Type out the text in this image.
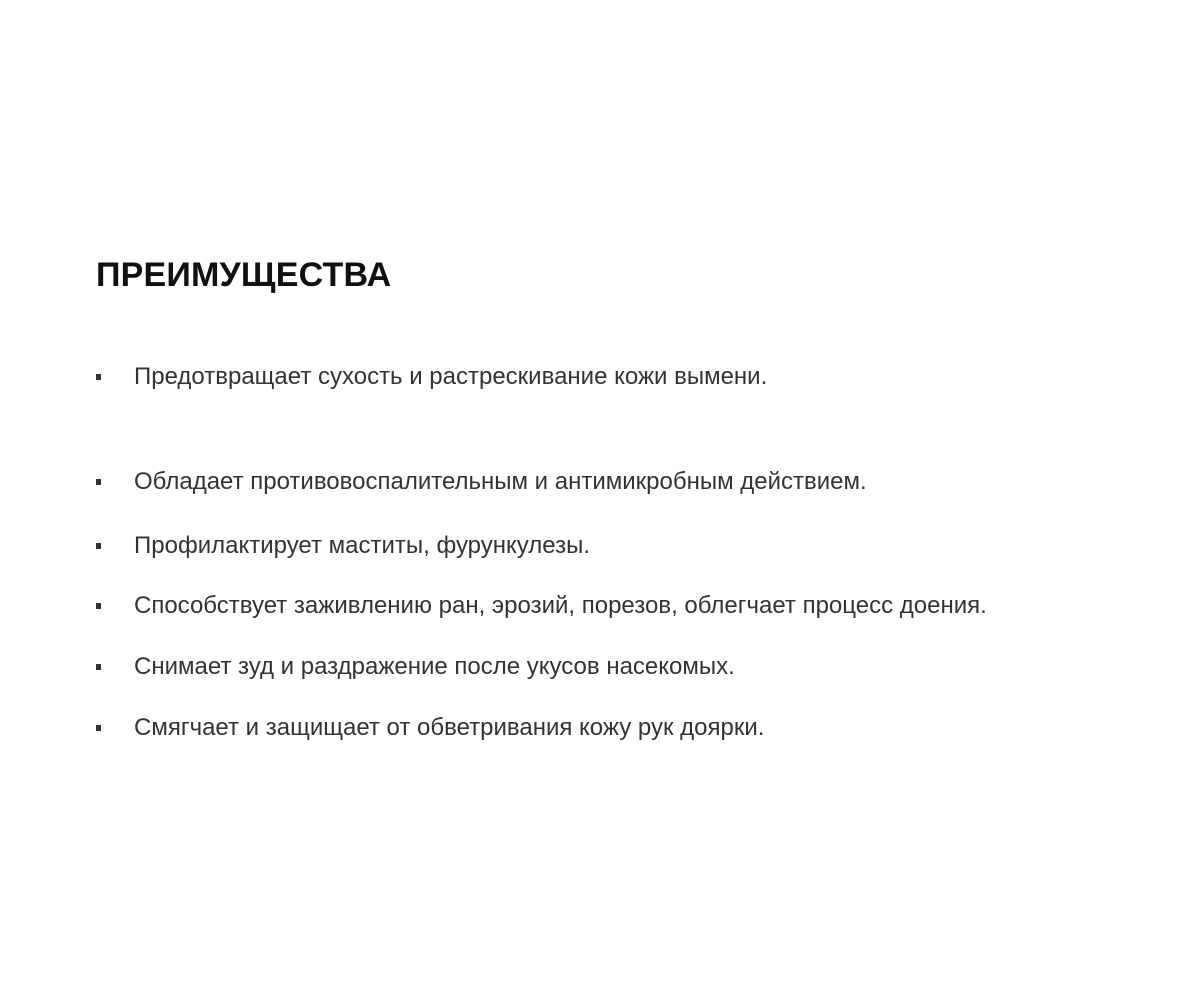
ПРЕИМУЩЕСТВА
Предотвращает сухость и растрескивание кожи вымени.
Обладает противовоспалительным и антимикробным действием.
Профилактирует маститы, фурункулезы.
Способствует заживлению ран, эрозий, порезов, облегчает процесс доения.
Снимает зуд и раздражение после укусов насекомых.
Смягчает и защищает от обветривания кожу рук доярки.
